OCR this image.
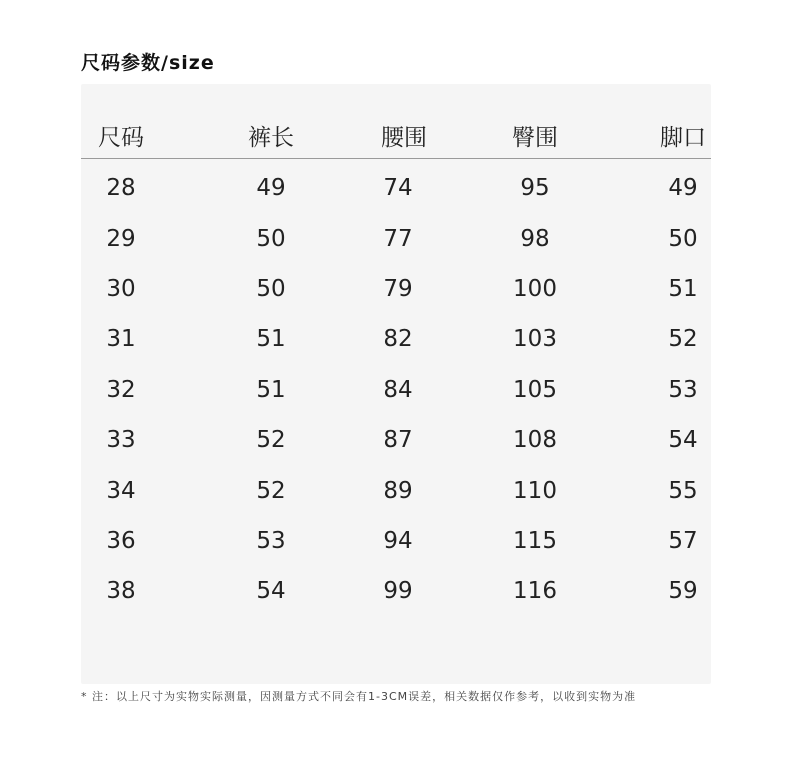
尺码参数/size
尺码	裤长	腰围	臀围	脚口
28	49	74	95	49
29	50	77	98	50
30	50	79	100	51
31	51	82	103	52
32	51	84	105	53
33	52	87	108	54
34	52	89	110	55
36	53	94	115	57
38	54	99	116	59
* 注：以上尺寸为实物实际测量，因测量方式不同会有1-3CM误差，相关数据仅作参考，以收到实物为准
